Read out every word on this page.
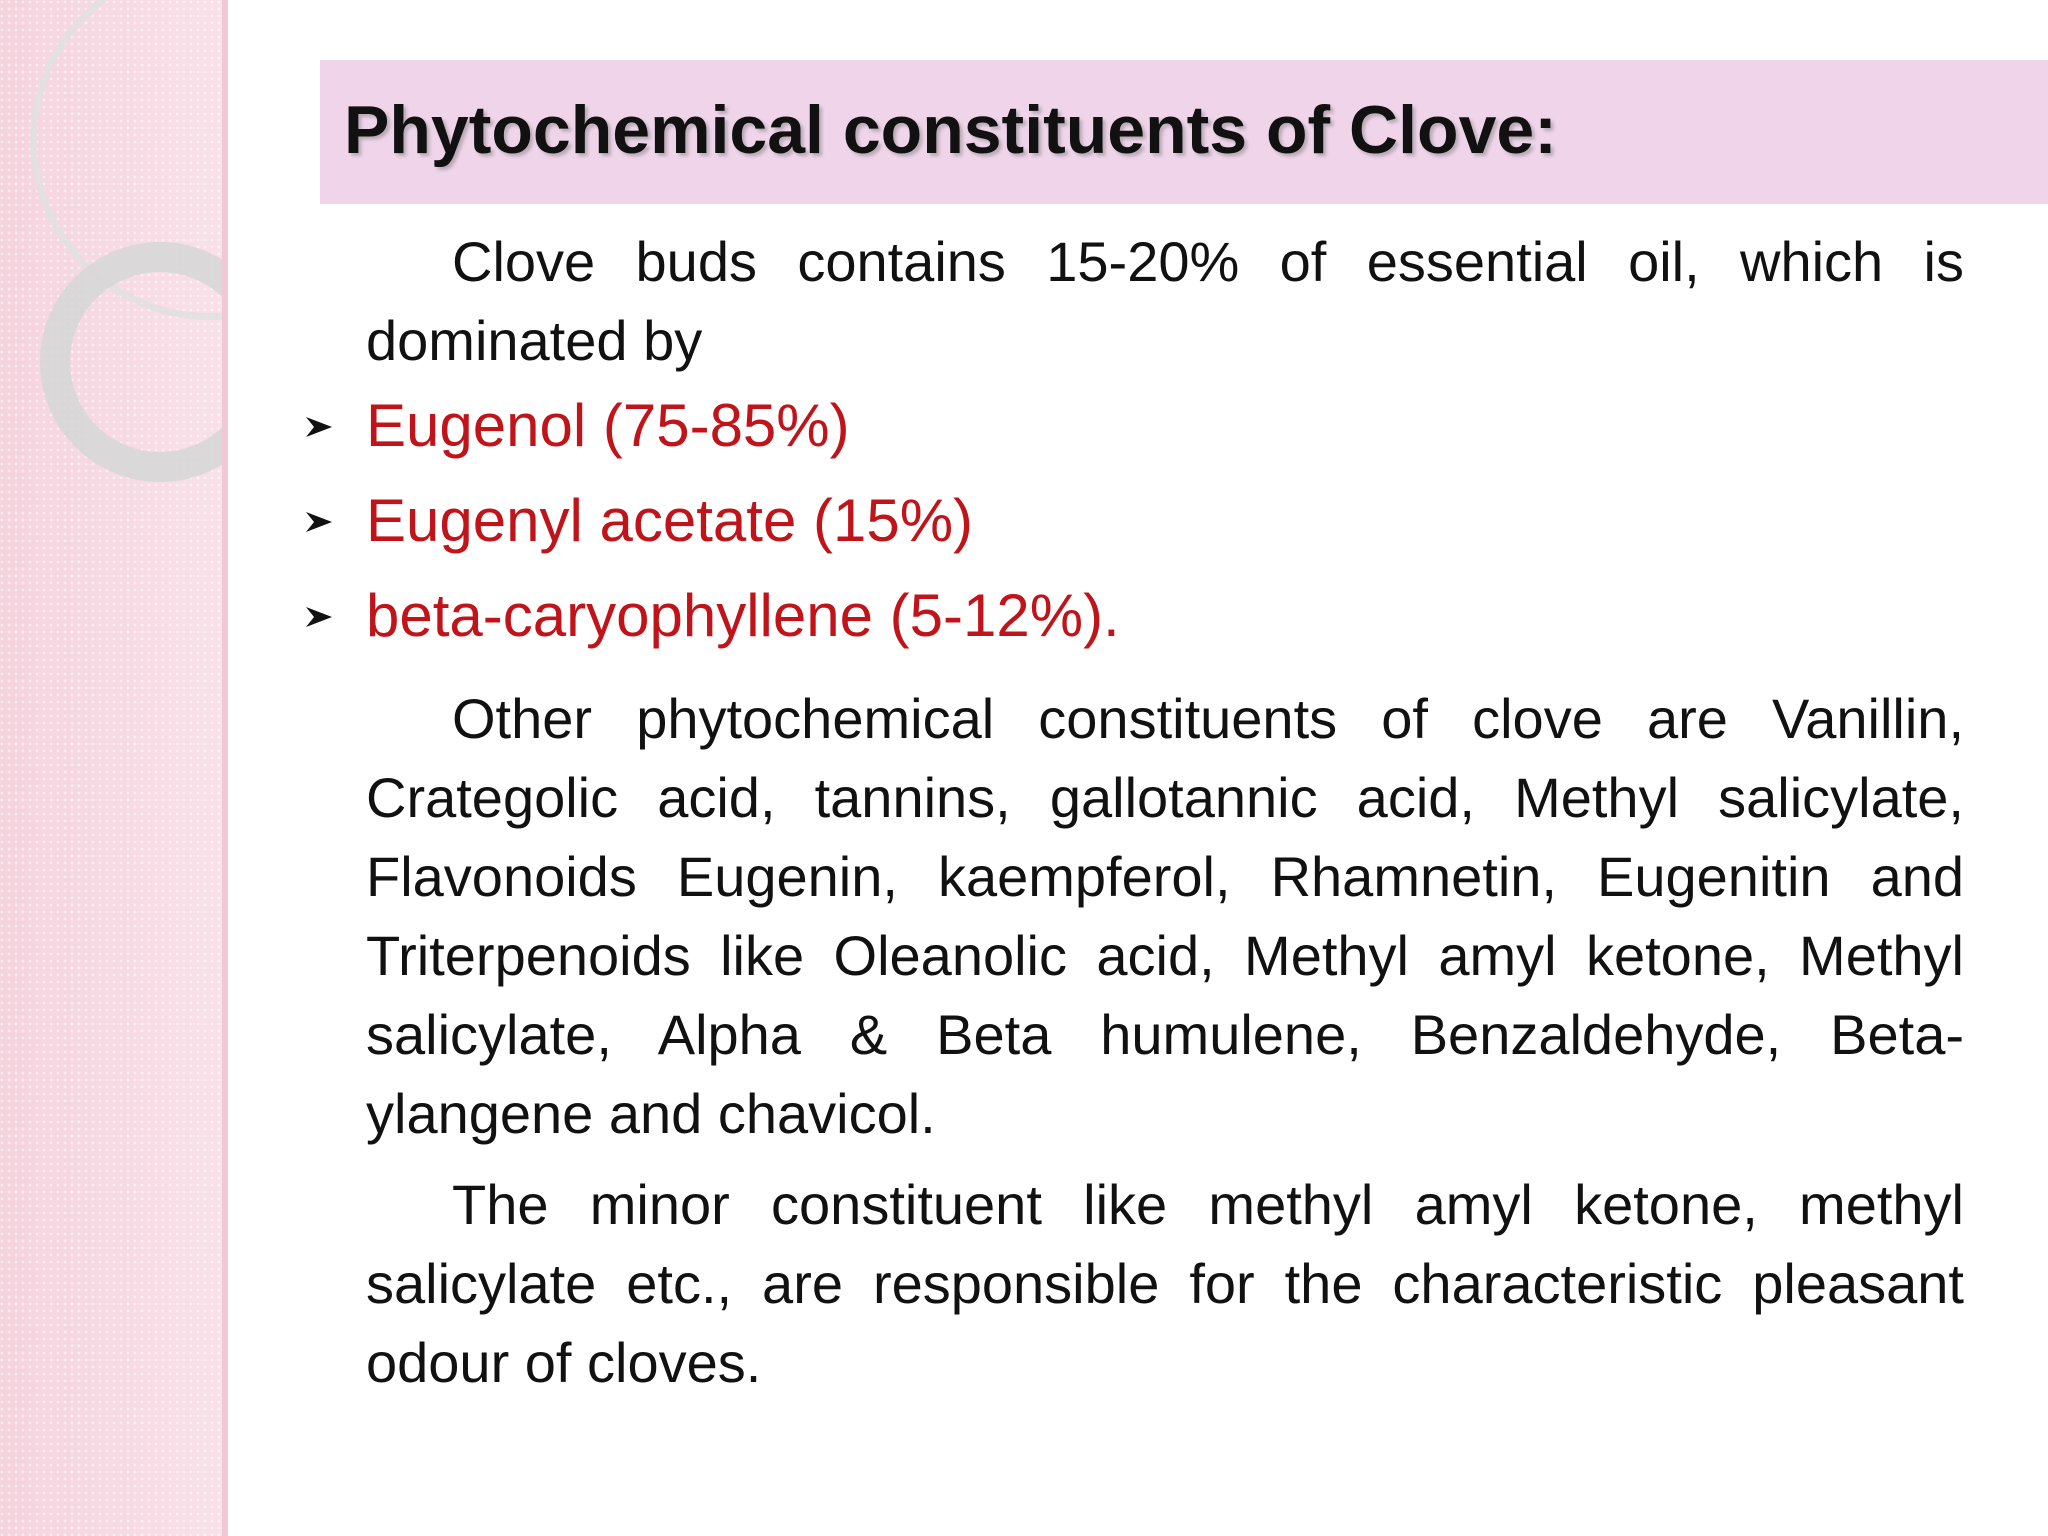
Phytochemical constituents of Clove:

Clove buds contains 15-20% of essential oil, which is dominated by

Eugenol (75-85%)
Eugenyl acetate (15%)
beta-caryophyllene (5-12%).

Other phytochemical constituents of clove are Vanillin, Crategolic acid, tannins, gallotannic acid, Methyl salicylate, Flavonoids Eugenin, kaempferol, Rhamnetin, Eugenitin and Triterpenoids like Oleanolic acid, Methyl amyl ketone, Methyl salicylate, Alpha & Beta humulene, Benzaldehyde, Beta-ylangene and chavicol.

The minor constituent like methyl amyl ketone, methyl salicylate etc., are responsible for the characteristic pleasant odour of cloves.
